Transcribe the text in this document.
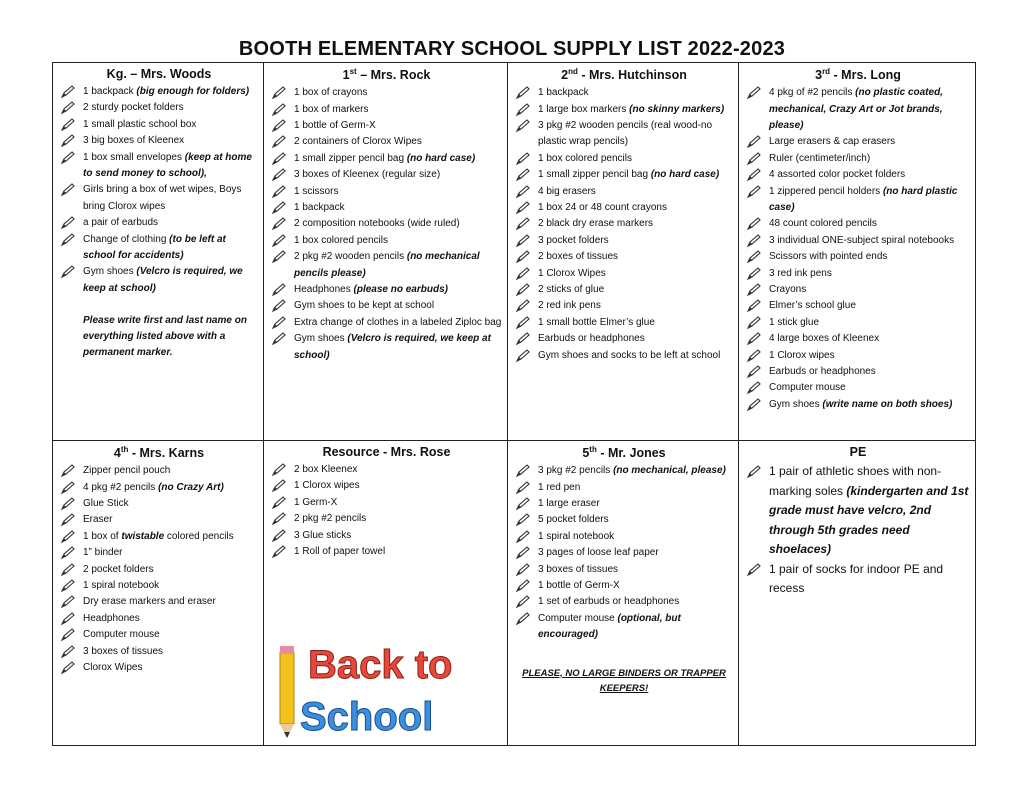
BOOTH ELEMENTARY SCHOOL SUPPLY LIST 2022-2023
Kg. – Mrs. Woods
1 backpack (big enough for folders)
2 sturdy pocket folders
1 small plastic school box
3 big boxes of Kleenex
1 box small envelopes (keep at home to send money to school),
Girls bring a box of wet wipes, Boys bring Clorox wipes
a pair of earbuds
Change of clothing (to be left at school for accidents)
Gym shoes (Velcro is required, we keep at school)
Please write first and last name on everything listed above with a permanent marker.
1st – Mrs. Rock
1 box of crayons
1 box of markers
1 bottle of Germ-X
2 containers of Clorox Wipes
1 small zipper pencil bag (no hard case)
3 boxes of Kleenex (regular size)
1 scissors
1 backpack
2 composition notebooks (wide ruled)
1 box colored pencils
2 pkg #2 wooden pencils (no mechanical pencils please)
Headphones (please no earbuds)
Gym shoes to be kept at school
Extra change of clothes in a labeled Ziploc bag
Gym shoes (Velcro is required, we keep at school)
2nd - Mrs. Hutchinson
1 backpack
1 large box markers (no skinny markers)
3 pkg #2 wooden pencils (real wood-no plastic wrap pencils)
1 box colored pencils
1 small zipper pencil bag (no hard case)
4 big erasers
1 box 24 or 48 count crayons
2 black dry erase markers
3 pocket folders
2 boxes of tissues
1 Clorox Wipes
2 sticks of glue
2 red ink pens
1 small bottle Elmer’s glue
Earbuds or headphones
Gym shoes and socks to be left at school
3rd - Mrs. Long
4 pkg of #2 pencils (no plastic coated, mechanical, Crazy Art or Jot brands, please)
Large erasers & cap erasers
Ruler (centimeter/inch)
4 assorted color pocket folders
1 zippered pencil holders (no hard plastic case)
48 count colored pencils
3 individual ONE-subject spiral notebooks
Scissors with pointed ends
3 red ink pens
Crayons
Elmer’s school glue
1 stick glue
4 large boxes of Kleenex
1 Clorox wipes
Earbuds or headphones
Computer mouse
Gym shoes (write name on both shoes)
4th - Mrs. Karns
Zipper pencil pouch
4 pkg #2 pencils (no Crazy Art)
Glue Stick
Eraser
1 box of twistable colored pencils
1” binder
2 pocket folders
1 spiral notebook
Dry erase markers and eraser
Headphones
Computer mouse
3 boxes of tissues
Clorox Wipes
Resource - Mrs. Rose
2 box Kleenex
1 Clorox wipes
1 Germ-X
2 pkg #2 pencils
3 Glue sticks
1 Roll of paper towel
5th - Mr. Jones
3 pkg #2 pencils (no mechanical, please)
1 red pen
1 large eraser
5 pocket folders
1 spiral notebook
3 pages of loose leaf paper
3 boxes of tissues
1 bottle of Germ-X
1 set of earbuds or headphones
Computer mouse (optional, but encouraged)
PLEASE, NO LARGE BINDERS OR TRAPPER KEEPERS!
PE
1 pair of athletic shoes with non-marking soles (kindergarten and 1st grade must have velcro, 2nd through 5th grades need shoelaces)
1 pair of socks for indoor PE and recess
Back to
School
